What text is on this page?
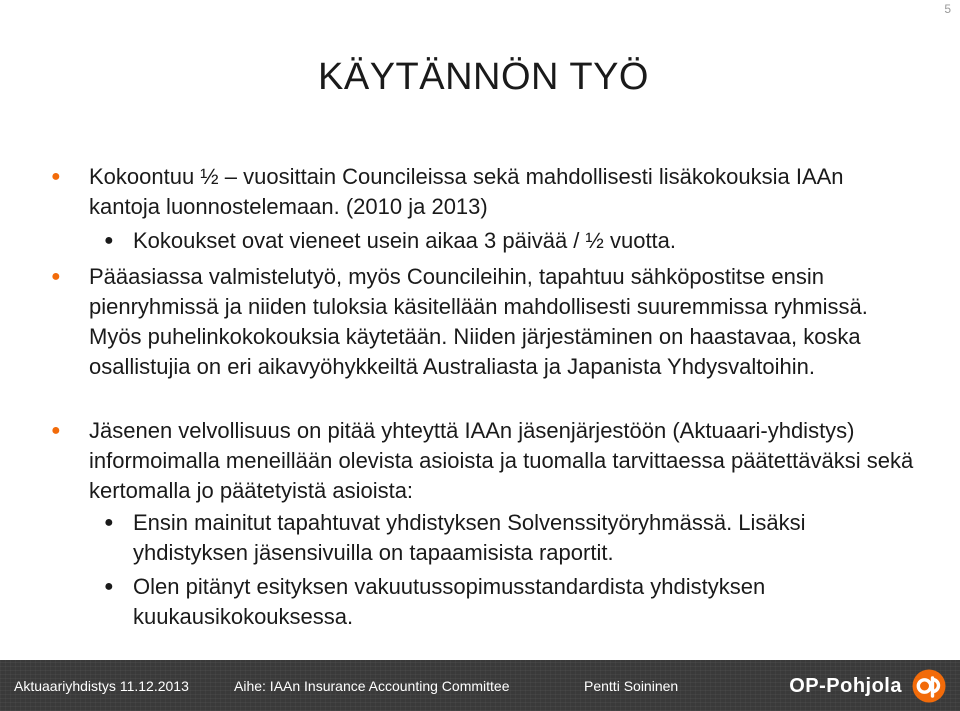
5
KÄYTÄNNÖN TYÖ
● Kokoontuu ½ – vuosittain Councileissa sekä mahdollisesti lisäkokouksia IAAn kantoja luonnostelemaan. (2010 ja 2013)
● Kokoukset ovat vieneet usein aikaa 3 päivää / ½ vuotta.
● Pääasiassa valmistelutyö, myös Councileihin, tapahtuu sähköpostitse ensin pienryhmissä ja niiden tuloksia käsitellään mahdollisesti suuremmissa ryhmissä. Myös puhelinkokokouksia käytetään. Niiden järjestäminen on haastavaa, koska osallistujia on eri aikavyöhykkeiltä Australiasta ja Japanista Yhdysvaltoihin.
● Jäsenen velvollisuus on pitää yhteyttä IAAn jäsenjärjestöön (Aktuaari-yhdistys) informoimalla meneillään olevista asioista ja tuomalla tarvittaessa päätettäväksi sekä kertomalla jo päätetyistä asioista:
● Ensin mainitut tapahtuvat yhdistyksen Solvenssityöryhmässä. Lisäksi yhdistyksen jäsensivuilla on tapaamisista raportit.
● Olen pitänyt esityksen vakuutussopimusstandardista yhdistyksen kuukausikokouksessa.
Aktuaariyhdistys 11.12.2013	Aihe: IAAn Insurance Accounting Committee	Pentti Soininen	OP-Pohjola
